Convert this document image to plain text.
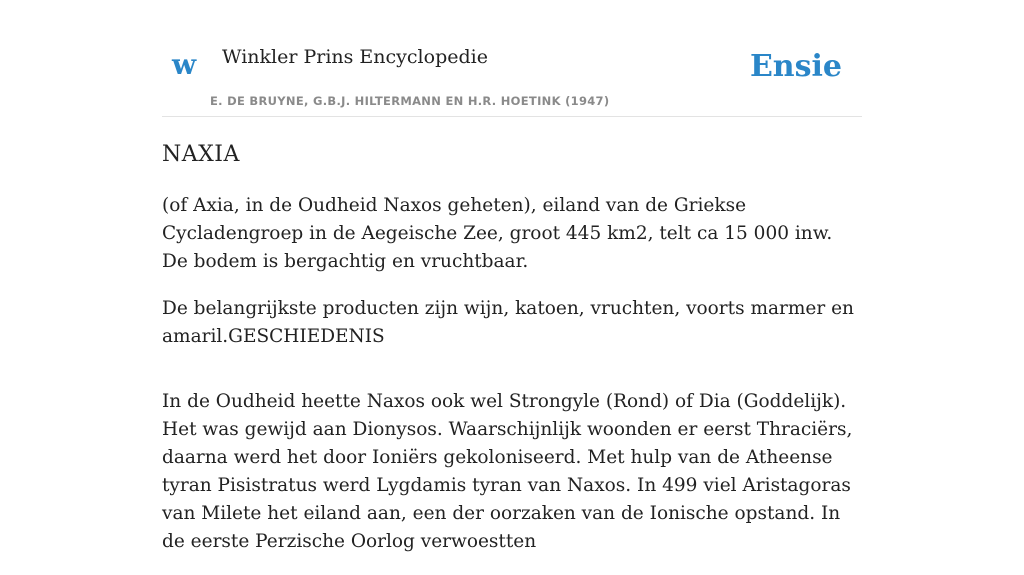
w Winkler Prins Encyclopedie
E. DE BRUYNE, G.B.J. HILTERMANN EN H.R. HOETINK (1947)
Ensie
NAXIA

(of Axia, in de Oudheid Naxos geheten), eiland van de Griekse Cycladengroep in de Aegeische Zee, groot 445 km2, telt ca 15 000 inw. De bodem is bergachtig en vruchtbaar.

De belangrijkste producten zijn wijn, katoen, vruchten, voorts marmer en amaril.GESCHIEDENIS

In de Oudheid heette Naxos ook wel Strongyle (Rond) of Dia (Goddelijk). Het was gewijd aan Dionysos. Waarschijnlijk woonden er eerst Thraciërs, daarna werd het door Ioniërs gekoloniseerd. Met hulp van de Atheense tyran Pisistratus werd Lygdamis tyran van Naxos. In 499 viel Aristagoras van Milete het eiland aan, een der oorzaken van de Ionische opstand. In de eerste Perzische Oorlog verwoestten
